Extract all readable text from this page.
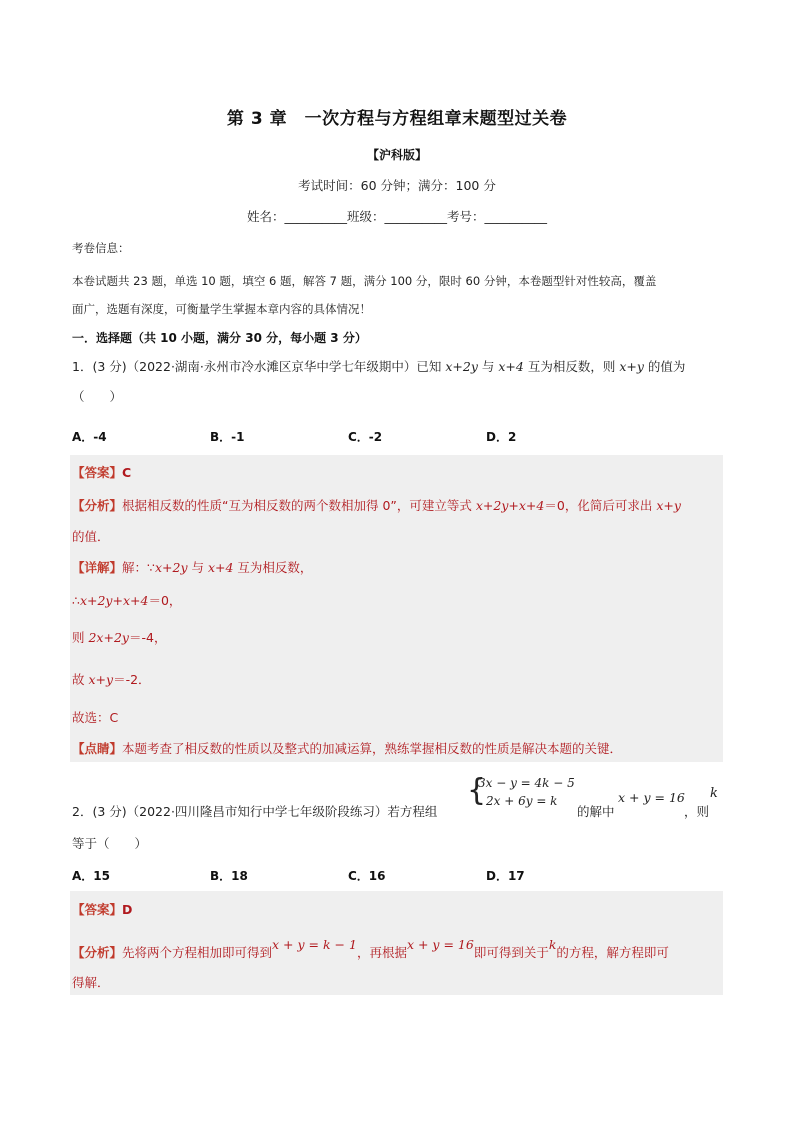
第 3 章　一次方程与方程组章末题型过关卷
【沪科版】
考试时间：60 分钟；满分：100 分
姓名：__________班级：__________考号：__________
考卷信息：
本卷试题共 23 题，单选 10 题，填空 6 题，解答 7 题，满分 100 分，限时 60 分钟，本卷题型针对性较高，覆盖
面广，选题有深度，可衡量学生掌握本章内容的具体情况！
一．选择题（共 10 小题，满分 30 分，每小题 3 分）
1．(3 分)（2022·湖南·永州市冷水滩区京华中学七年级期中）已知 x+2y 与 x+4 互为相反数，则 x+y 的值为
（　　）
A．-4	B．-1	C．-2	D．2
【答案】C
【分析】根据相反数的性质“互为相反数的两个数相加得 0”，可建立等式 x+2y+x+4＝0，化简后可求出 x+y
的值．
【详解】解：∵x+2y 与 x+4 互为相反数，
∴x+2y+x+4＝0，
则 2x+2y＝-4，
故 x+y＝-2．
故选：C
【点睛】本题考查了相反数的性质以及整式的加减运算，熟练掌握相反数的性质是解决本题的关键．
2．(3 分)（2022·四川隆昌市知行中学七年级阶段练习）若方程组
{
3x − y = 4k − 5
2x + 6y = k
的解中
x + y = 16
，则
k
等于（　　）
A．15	B．18	C．16	D．17
【答案】D
【分析】先将两个方程相加即可得到x + y = k − 1，再根据x + y = 16即可得到关于k的方程，解方程即可
得解．
